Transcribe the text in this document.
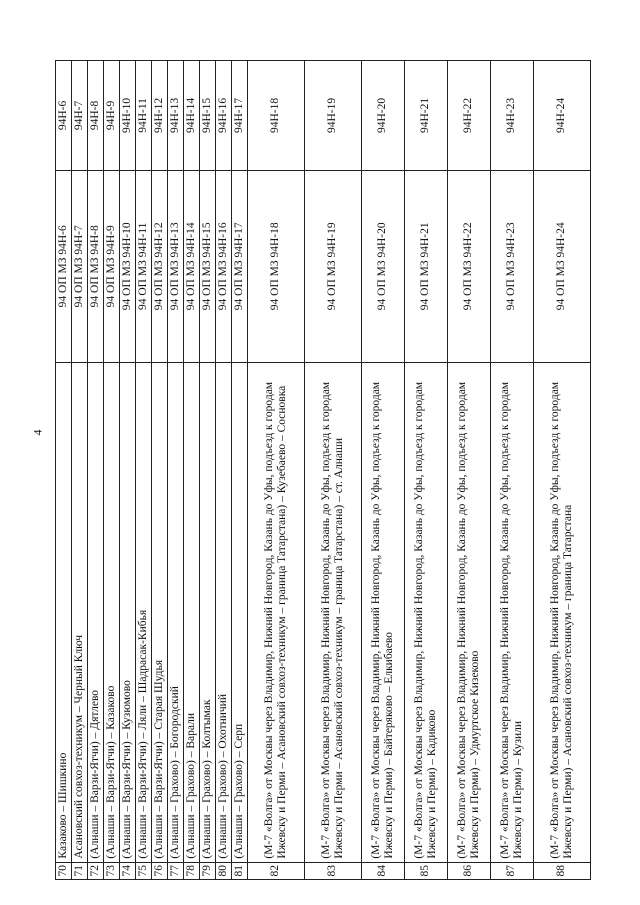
4
70	Казаково – Шишкино	94 ОП МЗ 94Н-6	94Н-6
71	Асановский совхоз-техникум – Черный Ключ	94 ОП МЗ 94Н-7	94Н-7
72	(Алнаши – Варзи-Ятчи) – Дятлево	94 ОП МЗ 94Н-8	94Н-8
73	(Алнаши – Варзи-Ятчи) – Казаково	94 ОП МЗ 94Н-9	94Н-9
74	(Алнаши – Варзи-Ятчи) – Кузюмово	94 ОП МЗ 94Н-10	94Н-10
75	(Алнаши – Варзи-Ятчи) – Ляли – Шадрасак-Кибья	94 ОП МЗ 94Н-11	94Н-11
76	(Алнаши – Варзи-Ятчи) – Старая Шудья	94 ОП МЗ 94Н-12	94Н-12
77	(Алнаши – Грахово) – Богородский	94 ОП МЗ 94Н-13	94Н-13
78	(Алнаши – Грахово) – Варали	94 ОП МЗ 94Н-14	94Н-14
79	(Алнаши – Грахово) – Колтымак	94 ОП МЗ 94Н-15	94Н-15
80	(Алнаши – Грахово) – Охотничий	94 ОП МЗ 94Н-16	94Н-16
81	(Алнаши – Грахово) – Серп	94 ОП МЗ 94Н-17	94Н-17
82	(М-7 «Волга» от Москвы через Владимир, Нижний Новгород, Казань до Уфы, подъезд к городам Ижевску и Перми – Асановский совхоз-техникум – граница Татарстана) – Кузебаево – Сосновка	94 ОП МЗ 94Н-18	94Н-18
83	(М-7 «Волга» от Москвы через Владимир, Нижний Новгород, Казань до Уфы, подъезд к городам Ижевску и Перми – Асановский совхоз-техникум – граница Татарстана) – ст. Алнаши	94 ОП МЗ 94Н-19	94Н-19
84	(М-7 «Волга» от Москвы через Владимир, Нижний Новгород, Казань до Уфы, подъезд к городам Ижевску и Перми) – Байтеряково – Елкибаево	94 ОП МЗ 94Н-20	94Н-20
85	(М-7 «Волга» от Москвы через Владимир, Нижний Новгород, Казань до Уфы, подъезд к городам Ижевску и Перми) – Кадиково	94 ОП МЗ 94Н-21	94Н-21
86	(М-7 «Волга» от Москвы через Владимир, Нижний Новгород, Казань до Уфы, подъезд к городам Ижевску и Перми) – Удмуртское Кизеково	94 ОП МЗ 94Н-22	94Н-22
87	(М-7 «Волга» от Москвы через Владимир, Нижний Новгород, Казань до Уфы, подъезд к городам Ижевску и Перми) – Кузили	94 ОП МЗ 94Н-23	94Н-23
88	(М-7 «Волга» от Москвы через Владимир, Нижний Новгород, Казань до Уфы, подъезд к городам Ижевску и Перми) – Асановский совхоз-техникум – граница Татарстана	94 ОП МЗ 94Н-24	94Н-24
